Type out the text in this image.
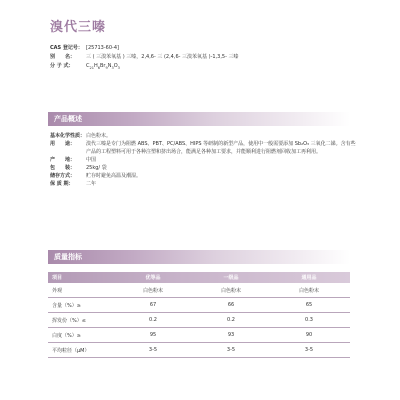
溴代三嗪
CAS 登记号： [25713-60-4]
别　　名：	三 ( 三溴苯氧基 ) 三嗪，2,4,6- 三 (2,4,6- 三溴苯氧基 )-1,3,5- 三嗪
分 子 式：	$C_{21}H_6Br_9N_3O_3$
产品概述
基本化学性质： 白色粉末。
用　　途：	溴代三嗪是专门为阻燃 ABS、PBT、PC/ABS、HIPS 等研制的新型产品，使用中一般需要添加 Sb₂O₃ 三氧化二锑。含有些产品的工程塑料可用于各种注塑和挤出场合，能满足各种加工要求，并能顺利进行阻燃剂回收加工再利用。
产　　地：	中国
包　　装：	25kg/ 袋
储存方式：	贮存时避免高温及潮湿。
保 质 期：	二年
质量指标
项目	优等品	一级品	通用品
外观	白色粉末	白色粉末	白色粉末
含量（%）≥	67	66	65
挥发份（%）≤	0.2	0.2	0.3
白度（%）≥	95	93	90
平均粒径（μM）	3-5	3-5	3-5
